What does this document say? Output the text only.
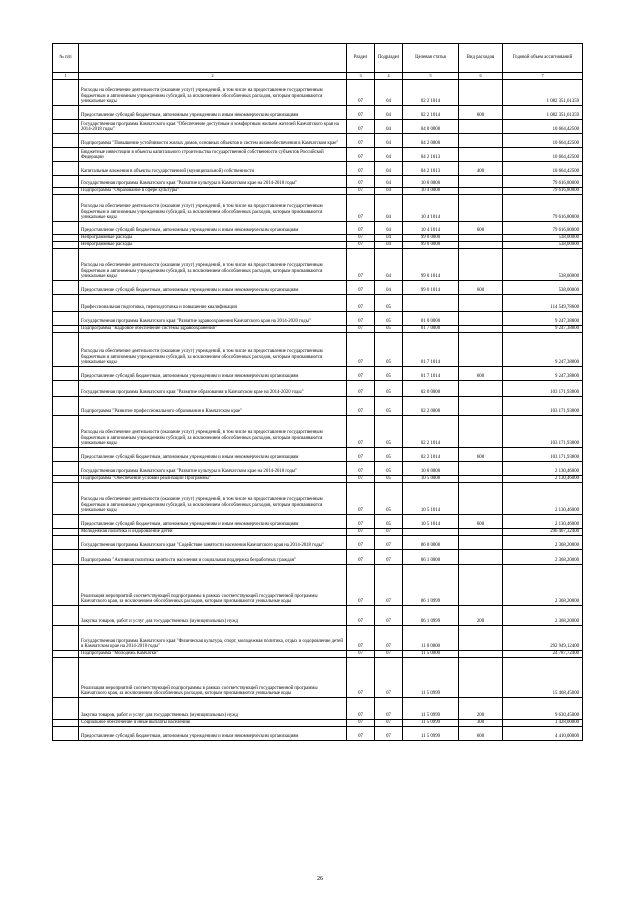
№ п/п		Раздел	Подраздел	Целевая статья	Вид расходов	Годовой объем ассигнований
1	2	3	4	5	6	7
	Расходы на обеспечение деятельности (оказание услуг) учреждений, в том числе на предоставление государственным бюджетным и автономным учреждениям субсидий, за исключением обособленных расходов, которым присваиваются уникальные коды	07	04	02 2 1014		1 082 351,61359
	Предоставление субсидий бюджетным, автономным учреждениям и иным некоммерческим организациям	07	04	02 2 1014	600	1 082 351,61359
	Государственная программа Камчатского края "Обеспечение доступным и комфортным жильем жителей Камчатского края на 2014-2018 годы"	07	04	04 0 0000		10 664,42500
	Подпрограмма "Повышение устойчивости жилых домов, основных объектов и систем жизнеобеспечения в Камчатском крае"	07	04	04 2 0000		10 664,42500
	Бюджетные инвестиции в объекты капитального строительства государственной собственности субъектов Российской Федерации	07	04	04 2 1013		10 664,42500
	Капитальные вложения в объекты государственной (муниципальной) собственности	07	04	04 2 1013	400	10 664,42500
	Государственная программа Камчатского края "Развитие культуры в Камчатском крае на 2014-2018 годы"	07	04	10 0 0000		79 616,80000
	Подпрограмма "Образование в сфере культуры"	07	04	10 4 0000		79 616,80000
	Расходы на обеспечение деятельности (оказание услуг) учреждений, в том числе на предоставление государственным бюджетным и автономным учреждениям субсидий, за исключением обособленных расходов, которым присваиваются уникальные коды	07	04	10 4 1014		79 616,80000
	Предоставление субсидий бюджетным, автономным учреждениям и иным некоммерческим организациям	07	04	10 4 1014	600	79 616,80000
	Непрограммные расходы	07	04	99 0 0000		538,00000
	Непрограммные расходы	07	04	99 0 0000		538,00000
	Расходы на обеспечение деятельности (оказание услуг) учреждений, в том числе на предоставление государственным бюджетным и автономным учреждениям субсидий, за исключением обособленных расходов, которым присваиваются уникальные коды	07	04	99 0 1014		538,00000
	Предоставление субсидий бюджетным, автономным учреждениям и иным некоммерческим организациям	07	04	99 0 1014	600	538,00000
	Профессиональная подготовка, переподготовка и повышение квалификации	07	05			114 549,78600
	Государственная программа Камчатского края "Развитие здравоохранения Камчатского края на 2014-2020 годы"	07	05	01 0 0000		9 247,38800
	Подпрограмма "Кадровое обеспечение системы здравоохранения"	07	05	01 7 0000		9 247,38800
	Расходы на обеспечение деятельности (оказание услуг) учреждений, в том числе на предоставление государственным бюджетным и автономным учреждениям субсидий, за исключением обособленных расходов, которым присваиваются уникальные коды	07	05	01 7 1014		9 247,38800
	Предоставление субсидий бюджетным, автономным учреждениям и иным некоммерческим организациям	07	05	01 7 1014	600	9 247,38800
	Государственная программа Камчатского края "Развитие образования в Камчатском крае на 2014-2020 годы"	07	05	02 0 0000		103 171,93800
	Подпрограмма "Развитие профессионального образования в Камчатском крае"	07	05	02 2 0000		103 171,93800
	Расходы на обеспечение деятельности (оказание услуг) учреждений, в том числе на предоставление государственным бюджетным и автономным учреждениям субсидий, за исключением обособленных расходов, которым присваиваются уникальные коды	07	05	02 2 1014		103 171,93800
	Предоставление субсидий бюджетным, автономным учреждениям и иным некоммерческим организациям	07	05	02 2 1014	600	103 171,93800
	Государственная программа Камчатского края "Развитие культуры в Камчатском крае на 2014-2018 годы"	07	05	10 0 0000		2 130,46000
	Подпрограмма "Обеспечение условий реализации Программы"	07	05	10 5 0000		2 130,46000
	Расходы на обеспечение деятельности (оказание услуг) учреждений, в том числе на предоставление государственным бюджетным и автономным учреждениям субсидий, за исключением обособленных расходов, которым присваиваются уникальные коды	07	05	10 5 1014		2 130,46000
	Предоставление субсидий бюджетным, автономным учреждениям и иным некоммерческим организациям	07	05	10 5 1014	600	2 130,46000
	Молодежная политика и оздоровление детей	07	07			296 407,32400
	Государственная программа Камчатского края "Содействие занятости населения Камчатского края на 2014-2018 годы"	07	07	06 0 0000		2 368,20000
	Подпрограмма "Активная политика занятости населения и социальная поддержка безработных граждан"	07	07	06 1 0000		2 368,20000
	Реализация мероприятий соответствующей подпрограммы в рамках соответствующей государственной программы Камчатского края, за исключением обособленных расходов, которым присваиваются уникальные коды	07	07	06 1 0999		2 368,20000
	Закупка товаров, работ и услуг для государственных (муниципальных) нужд	07	07	06 1 0999	200	2 368,20000
	Государственная программа Камчатского края "Физическая культура, спорт, молодежная политика, отдых и оздоровление детей в Камчатском крае на 2014-2018 годы"	07	07	11 0 0000		292 949,12400
	Подпрограмма "Молодежь Камчатки"	07	07	11 5 0000		24 787,72400
	Реализация мероприятий соответствующей подпрограммы в рамках соответствующей государственной программы Камчатского края, за исключением обособленных расходов, которым присваиваются уникальные коды	07	07	11 5 0999		15 468,45000
	Закупка товаров, работ и услуг для государственных (муниципальных) нужд	07	07	11 5 0999	200	9 630,45000
	Социальное обеспечение и иные выплаты населению	07	07	11 5 0999	300	1 428,00000
	Предоставление субсидий бюджетным, автономным учреждениям и иным некоммерческим организациям	07	07	11 5 0999	600	4 410,00000
26
